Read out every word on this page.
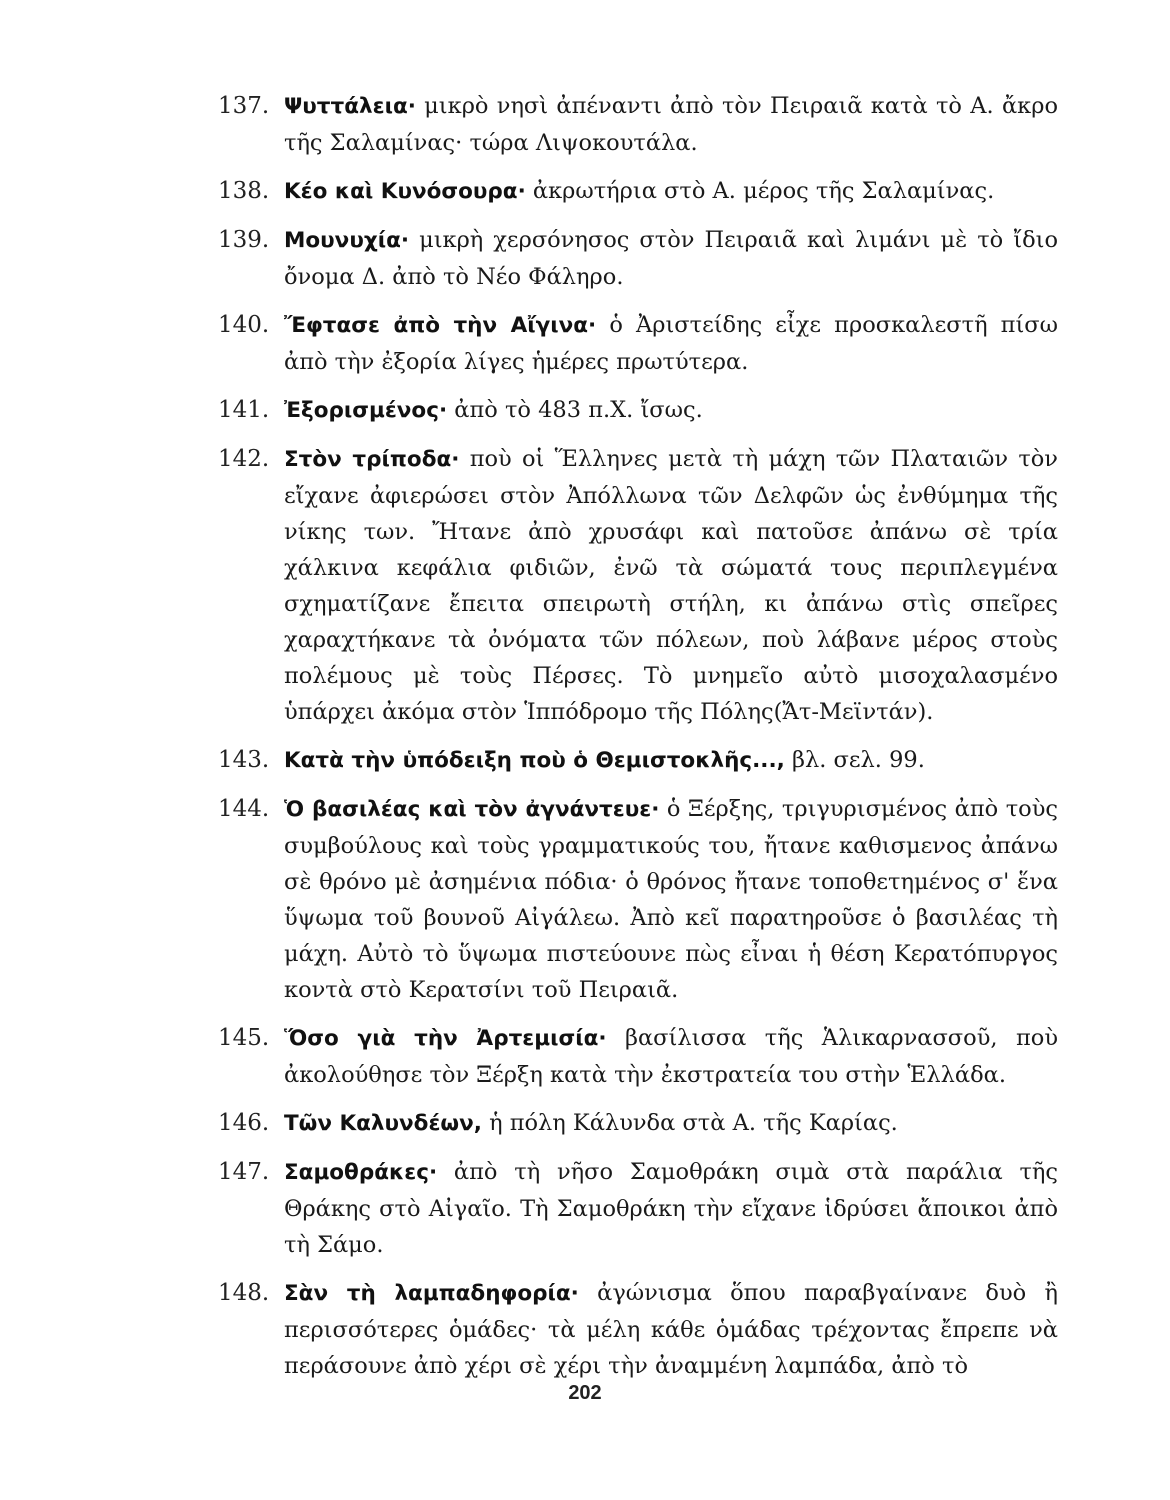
137. Ψυττάλεια· μικρὸ νησὶ ἀπέναντι ἀπὸ τὸν Πειραιᾶ κατὰ τὸ Α. ἄκρο τῆς Σαλαμίνας· τώρα Λιψοκουτάλα.
138. Κέο καὶ Κυνόσουρα· ἀκρωτήρια στὸ Α. μέρος τῆς Σαλαμίνας.
139. Μουνυχία· μικρὴ χερσόνησος στὸν Πειραιᾶ καὶ λιμάνι μὲ τὸ ἴδιο ὄνομα Δ. ἀπὸ τὸ Νέο Φάληρο.
140. Ἔφτασε ἀπὸ τὴν Αἴγινα· ὁ Ἀριστείδης εἶχε προσκαλεστῆ πίσω ἀπὸ τὴν ἐξορία λίγες ἡμέρες πρωτύτερα.
141. Ἐξορισμένος· ἀπὸ τὸ 483 π.Χ. ἴσως.
142. Στὸν τρίποδα· ποὺ οἱ Ἕλληνες μετὰ τὴ μάχη τῶν Πλαταιῶν τὸν εἴχανε ἀφιερώσει στὸν Ἀπόλλωνα τῶν Δελφῶν ὡς ἐνθύμημα τῆς νίκης των. Ἤτανε ἀπὸ χρυσάφι καὶ πατοῦσε ἀπάνω σὲ τρία χάλκινα κεφάλια φιδιῶν, ἐνῶ τὰ σώματά τους περιπλεγμένα σχηματίζανε ἔπειτα σπειρωτὴ στήλη, κι ἀπάνω στὶς σπεῖρες χαραχτήκανε τὰ ὀνόματα τῶν πόλεων, ποὺ λάβανε μέρος στοὺς πολέμους μὲ τοὺς Πέρσες. Τὸ μνημεῖο αὐτὸ μισοχαλασμένο ὑπάρχει ἀκόμα στὸν Ἱππόδρομο τῆς Πόλης(Ἄτ-Μεϊντάν).
143. Κατὰ τὴν ὑπόδειξη ποὺ ὁ Θεμιστοκλῆς..., βλ. σελ. 99.
144. Ὁ βασιλέας καὶ τὸν ἀγνάντευε· ὁ Ξέρξης, τριγυρισμένος ἀπὸ τοὺς συμβούλους καὶ τοὺς γραμματικούς του, ἤτανε καθισμενος ἀπάνω σὲ θρόνο μὲ ἀσημένια πόδια· ὁ θρόνος ἤτανε τοποθετημένος σ' ἕνα ὕψωμα τοῦ βουνοῦ Αἰγάλεω. Ἀπὸ κεῖ παρατηροῦσε ὁ βασιλέας τὴ μάχη. Αὐτὸ τὸ ὕψωμα πιστεύουνε πὼς εἶναι ἡ θέση Κερατόπυργος κοντὰ στὸ Κερατσίνι τοῦ Πειραιᾶ.
145. Ὅσο γιὰ τὴν Ἀρτεμισία· βασίλισσα τῆς Ἁλικαρνασσοῦ, ποὺ ἀκολούθησε τὸν Ξέρξη κατὰ τὴν ἐκστρατεία του στὴν Ἑλλάδα.
146. Τῶν Καλυνδέων, ἡ πόλη Κάλυνδα στὰ Α. τῆς Καρίας.
147. Σαμοθράκες· ἀπὸ τὴ νῆσο Σαμοθράκη σιμὰ στὰ παράλια τῆς Θράκης στὸ Αἰγαῖο. Τὴ Σαμοθράκη τὴν εἴχανε ἱδρύσει ἄποικοι ἀπὸ τὴ Σάμο.
148. Σὰν τὴ λαμπαδηφορία· ἀγώνισμα ὅπου παραβγαίνανε δυὸ ἢ περισσότερες ὁμάδες· τὰ μέλη κάθε ὁμάδας τρέχοντας ἔπρεπε νὰ περάσουνε ἀπὸ χέρι σὲ χέρι τὴν ἀναμμένη λαμπάδα, ἀπὸ τὸ
202
